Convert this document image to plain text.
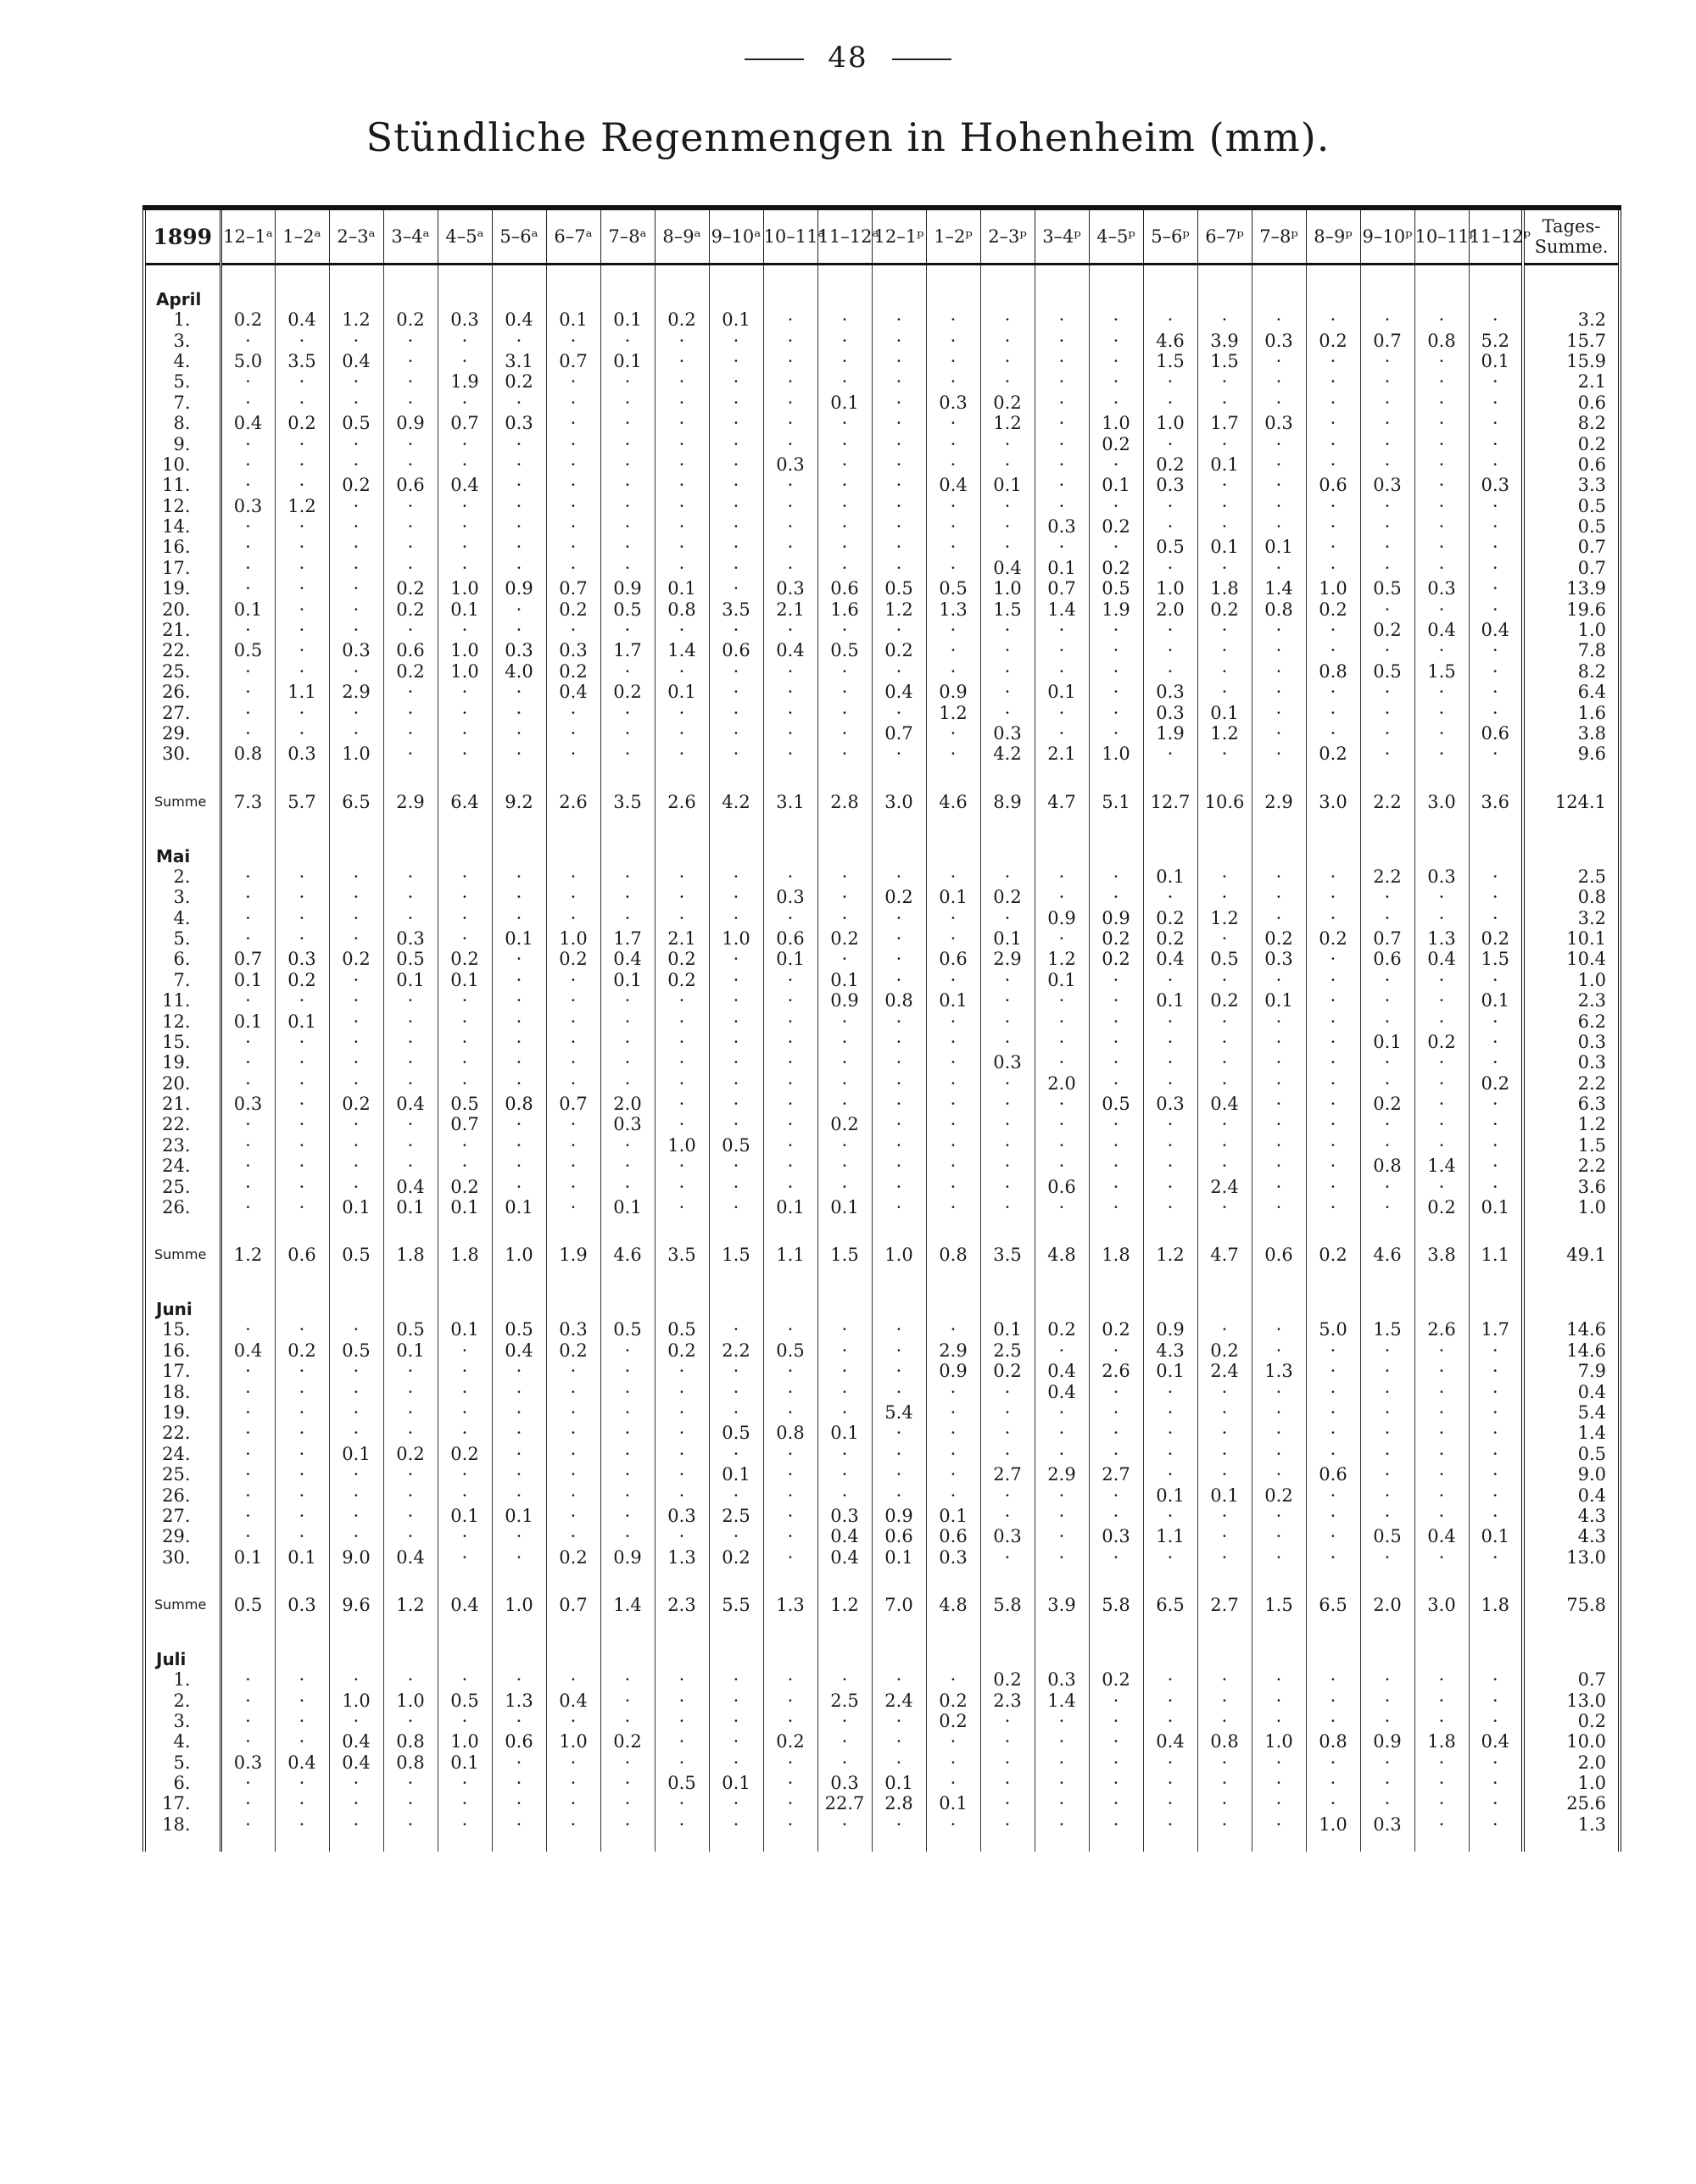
48
Stündliche Regenmengen in Hohenheim (mm).
1899	12–1ᵃ	1–2ᵃ	2–3ᵃ	3–4ᵃ	4–5ᵃ	5–6ᵃ	6–7ᵃ	7–8ᵃ	8–9ᵃ	9–10ᵃ	10–11ᵃ	11–12ᵃ	12–1ᵖ	1–2ᵖ	2–3ᵖ	3–4ᵖ	4–5ᵖ	5–6ᵖ	6–7ᵖ	7–8ᵖ	8–9ᵖ	9–10ᵖ	10–11ᵖ	11–12ᵖ	Tages-Summe.
April																									
1.	0.2	0.4	1.2	0.2	0.3	0.4	0.1	0.1	0.2	0.1	·	·	·	·	·	·	·	·	·	·	·	·	·	·	3.2
3.	·	·	·	·	·	·	·	·	·	·	·	·	·	·	·	·	·	4.6	3.9	0.3	0.2	0.7	0.8	5.2	15.7
4.	5.0	3.5	0.4	·	·	3.1	0.7	0.1	·	·	·	·	·	·	·	·	·	1.5	1.5	·	·	·	·	0.1	15.9
5.	·	·	·	·	1.9	0.2	·	·	·	·	·	·	·	·	·	·	·	·	·	·	·	·	·	·	2.1
7.	·	·	·	·	·	·	·	·	·	·	·	0.1	·	0.3	0.2	·	·	·	·	·	·	·	·	·	0.6
8.	0.4	0.2	0.5	0.9	0.7	0.3	·	·	·	·	·	·	·	·	1.2	·	1.0	1.0	1.7	0.3	·	·	·	·	8.2
9.	·	·	·	·	·	·	·	·	·	·	·	·	·	·	·	·	0.2	·	·	·	·	·	·	·	0.2
10.	·	·	·	·	·	·	·	·	·	·	0.3	·	·	·	·	·	·	0.2	0.1	·	·	·	·	·	0.6
11.	·	·	0.2	0.6	0.4	·	·	·	·	·	·	·	·	0.4	0.1	·	0.1	0.3	·	·	0.6	0.3	·	0.3	3.3
12.	0.3	1.2	·	·	·	·	·	·	·	·	·	·	·	·	·	·	·	·	·	·	·	·	·	·	0.5
14.	·	·	·	·	·	·	·	·	·	·	·	·	·	·	·	0.3	0.2	·	·	·	·	·	·	·	0.5
16.	·	·	·	·	·	·	·	·	·	·	·	·	·	·	·	·	·	0.5	0.1	0.1	·	·	·	·	0.7
17.	·	·	·	·	·	·	·	·	·	·	·	·	·	·	0.4	0.1	0.2	·	·	·	·	·	·	·	0.7
19.	·	·	·	0.2	1.0	0.9	0.7	0.9	0.1	·	0.3	0.6	0.5	0.5	1.0	0.7	0.5	1.0	1.8	1.4	1.0	0.5	0.3	·	13.9
20.	0.1	·	·	0.2	0.1	·	0.2	0.5	0.8	3.5	2.1	1.6	1.2	1.3	1.5	1.4	1.9	2.0	0.2	0.8	0.2	·	·	·	19.6
21.	·	·	·	·	·	·	·	·	·	·	·	·	·	·	·	·	·	·	·	·	·	0.2	0.4	0.4	1.0
22.	0.5	·	0.3	0.6	1.0	0.3	0.3	1.7	1.4	0.6	0.4	0.5	0.2	·	·	·	·	·	·	·	·	·	·	·	7.8
25.	·	·	·	0.2	1.0	4.0	0.2	·	·	·	·	·	·	·	·	·	·	·	·	·	0.8	0.5	1.5	·	8.2
26.	·	1.1	2.9	·	·	·	0.4	0.2	0.1	·	·	·	0.4	0.9	·	0.1	·	0.3	·	·	·	·	·	·	6.4
27.	·	·	·	·	·	·	·	·	·	·	·	·	·	1.2	·	·	·	0.3	0.1	·	·	·	·	·	1.6
29.	·	·	·	·	·	·	·	·	·	·	·	·	0.7	·	0.3	·	·	1.9	1.2	·	·	·	·	0.6	3.8
30.	0.8	0.3	1.0	·	·	·	·	·	·	·	·	·	·	·	4.2	2.1	1.0	·	·	·	0.2	·	·	·	9.6

Summe	7.3	5.7	6.5	2.9	6.4	9.2	2.6	3.5	2.6	4.2	3.1	2.8	3.0	4.6	8.9	4.7	5.1	12.7	10.6	2.9	3.0	2.2	3.0	3.6	124.1
Mai																									
2.	·	·	·	·	·	·	·	·	·	·	·	·	·	·	·	·	·	0.1	·	·	·	2.2	0.3	·	2.5
3.	·	·	·	·	·	·	·	·	·	·	0.3	·	0.2	0.1	0.2	·	·	·	·	·	·	·	·	·	0.8
4.	·	·	·	·	·	·	·	·	·	·	·	·	·	·	·	0.9	0.9	0.2	1.2	·	·	·	·	·	3.2
5.	·	·	·	0.3	·	0.1	1.0	1.7	2.1	1.0	0.6	0.2	·	·	0.1	·	0.2	0.2	·	0.2	0.2	0.7	1.3	0.2	10.1
6.	0.7	0.3	0.2	0.5	0.2	·	0.2	0.4	0.2	·	0.1	·	·	0.6	2.9	1.2	0.2	0.4	0.5	0.3	·	0.6	0.4	1.5	10.4
7.	0.1	0.2	·	0.1	0.1	·	·	0.1	0.2	·	·	0.1	·	·	·	0.1	·	·	·	·	·	·	·	·	1.0
11.	·	·	·	·	·	·	·	·	·	·	·	0.9	0.8	0.1	·	·	·	0.1	0.2	0.1	·	·	·	0.1	2.3
12.	0.1	0.1	·	·	·	·	·	·	·	·	·	·	·	·	·	·	·	·	·	·	·	·	·	·	6.2
15.	·	·	·	·	·	·	·	·	·	·	·	·	·	·	·	·	·	·	·	·	·	0.1	0.2	·	0.3
19.	·	·	·	·	·	·	·	·	·	·	·	·	·	·	0.3	·	·	·	·	·	·	·	·	·	0.3
20.	·	·	·	·	·	·	·	·	·	·	·	·	·	·	·	2.0	·	·	·	·	·	·	·	0.2	2.2
21.	0.3	·	0.2	0.4	0.5	0.8	0.7	2.0	·	·	·	·	·	·	·	·	0.5	0.3	0.4	·	·	0.2	·	·	6.3
22.	·	·	·	·	0.7	·	·	0.3	·	·	·	0.2	·	·	·	·	·	·	·	·	·	·	·	·	1.2
23.	·	·	·	·	·	·	·	·	1.0	0.5	·	·	·	·	·	·	·	·	·	·	·	·	·	·	1.5
24.	·	·	·	·	·	·	·	·	·	·	·	·	·	·	·	·	·	·	·	·	·	0.8	1.4	·	2.2
25.	·	·	·	0.4	0.2	·	·	·	·	·	·	·	·	·	·	0.6	·	·	2.4	·	·	·	·	·	3.6
26.	·	·	0.1	0.1	0.1	0.1	·	0.1	·	·	0.1	0.1	·	·	·	·	·	·	·	·	·	·	0.2	0.1	1.0

Summe	1.2	0.6	0.5	1.8	1.8	1.0	1.9	4.6	3.5	1.5	1.1	1.5	1.0	0.8	3.5	4.8	1.8	1.2	4.7	0.6	0.2	4.6	3.8	1.1	49.1
Juni																									
15.	·	·	·	0.5	0.1	0.5	0.3	0.5	0.5	·	·	·	·	·	0.1	0.2	0.2	0.9	·	·	5.0	1.5	2.6	1.7	14.6
16.	0.4	0.2	0.5	0.1	·	0.4	0.2	·	0.2	2.2	0.5	·	·	2.9	2.5	·	·	4.3	0.2	·	·	·	·	·	14.6
17.	·	·	·	·	·	·	·	·	·	·	·	·	·	0.9	0.2	0.4	2.6	0.1	2.4	1.3	·	·	·	·	7.9
18.	·	·	·	·	·	·	·	·	·	·	·	·	·	·	·	0.4	·	·	·	·	·	·	·	·	0.4
19.	·	·	·	·	·	·	·	·	·	·	·	·	5.4	·	·	·	·	·	·	·	·	·	·	·	5.4
22.	·	·	·	·	·	·	·	·	·	0.5	0.8	0.1	·	·	·	·	·	·	·	·	·	·	·	·	1.4
24.	·	·	0.1	0.2	0.2	·	·	·	·	·	·	·	·	·	·	·	·	·	·	·	·	·	·	·	0.5
25.	·	·	·	·	·	·	·	·	·	0.1	·	·	·	·	2.7	2.9	2.7	·	·	·	0.6	·	·	·	9.0
26.	·	·	·	·	·	·	·	·	·	·	·	·	·	·	·	·	·	0.1	0.1	0.2	·	·	·	·	0.4
27.	·	·	·	·	0.1	0.1	·	·	0.3	2.5	·	0.3	0.9	0.1	·	·	·	·	·	·	·	·	·	·	4.3
29.	·	·	·	·	·	·	·	·	·	·	·	0.4	0.6	0.6	0.3	·	0.3	1.1	·	·	·	0.5	0.4	0.1	4.3
30.	0.1	0.1	9.0	0.4	·	·	0.2	0.9	1.3	0.2	·	0.4	0.1	0.3	·	·	·	·	·	·	·	·	·	·	13.0

Summe	0.5	0.3	9.6	1.2	0.4	1.0	0.7	1.4	2.3	5.5	1.3	1.2	7.0	4.8	5.8	3.9	5.8	6.5	2.7	1.5	6.5	2.0	3.0	1.8	75.8
Juli																									
1.	·	·	·	·	·	·	·	·	·	·	·	·	·	·	0.2	0.3	0.2	·	·	·	·	·	·	·	0.7
2.	·	·	1.0	1.0	0.5	1.3	0.4	·	·	·	·	2.5	2.4	0.2	2.3	1.4	·	·	·	·	·	·	·	·	13.0
3.	·	·	·	·	·	·	·	·	·	·	·	·	·	0.2	·	·	·	·	·	·	·	·	·	·	0.2
4.	·	·	0.4	0.8	1.0	0.6	1.0	0.2	·	·	0.2	·	·	·	·	·	·	0.4	0.8	1.0	0.8	0.9	1.8	0.4	10.0
5.	0.3	0.4	0.4	0.8	0.1	·	·	·	·	·	·	·	·	·	·	·	·	·	·	·	·	·	·	·	2.0
6.	·	·	·	·	·	·	·	·	0.5	0.1	·	0.3	0.1	·	·	·	·	·	·	·	·	·	·	·	1.0
17.	·	·	·	·	·	·	·	·	·	·	·	22.7	2.8	0.1	·	·	·	·	·	·	·	·	·	·	25.6
18.	·	·	·	·	·	·	·	·	·	·	·	·	·	·	·	·	·	·	·	·	1.0	0.3	·	·	1.3
